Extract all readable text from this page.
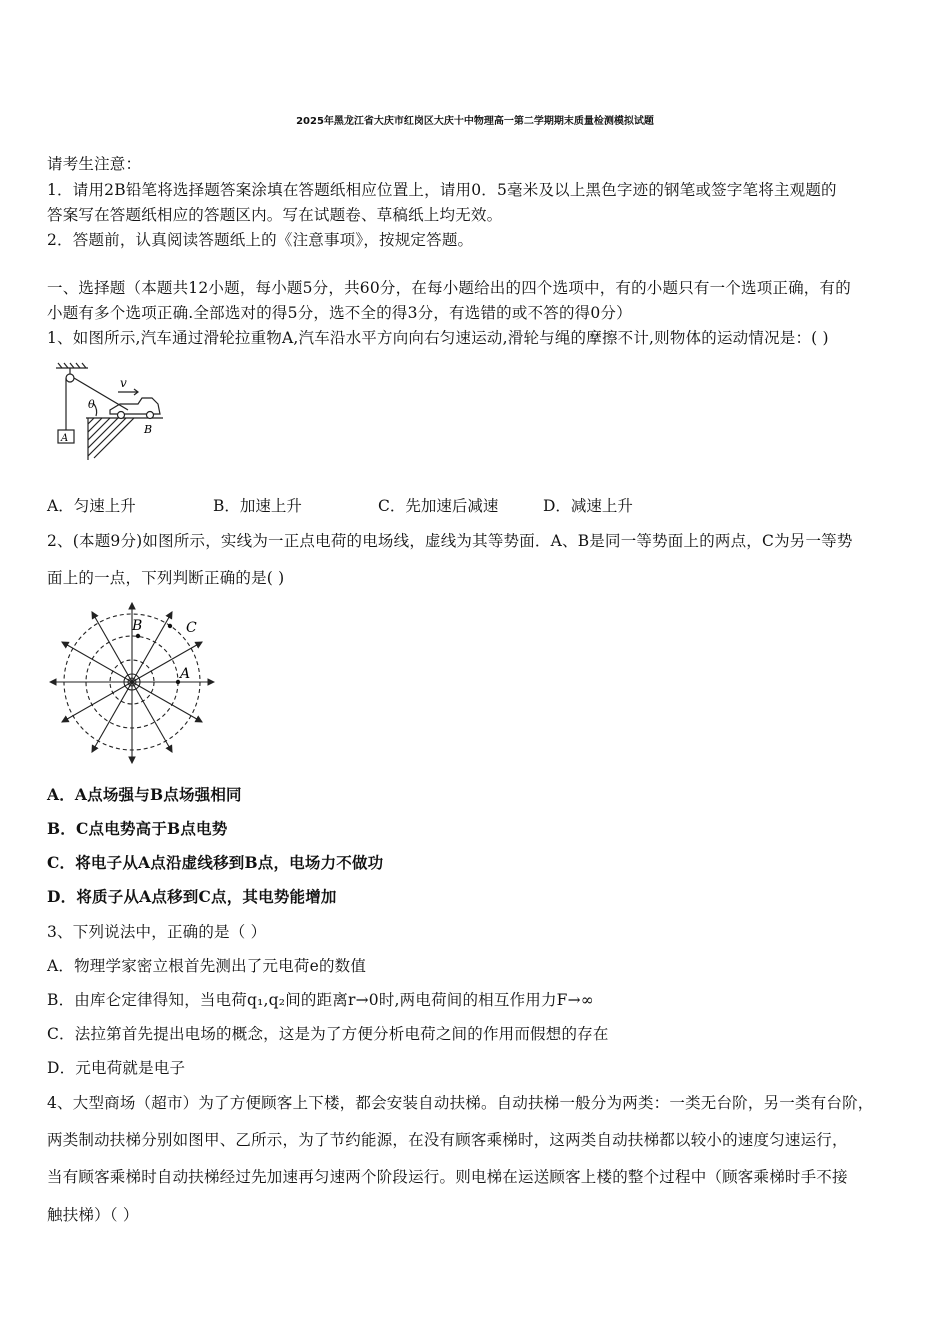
2025年黑龙江省大庆市红岗区大庆十中物理高一第二学期期末质量检测模拟试题
请考生注意：
1．请用2B铅笔将选择题答案涂填在答题纸相应位置上，请用0．5毫米及以上黑色字迹的钢笔或签字笔将主观题的
答案写在答题纸相应的答题区内。写在试题卷、草稿纸上均无效。
2．答题前，认真阅读答题纸上的《注意事项》，按规定答题。
一、选择题（本题共12小题，每小题5分，共60分，在每小题给出的四个选项中，有的小题只有一个选项正确，有的
小题有多个选项正确.全部选对的得5分，选不全的得3分，有选错的或不答的得0分）
1、如图所示,汽车通过滑轮拉重物A,汽车沿水平方向向右匀速运动,滑轮与绳的摩擦不计,则物体的运动情况是：( )
v
θ
A
B
A．匀速上升	B．加速上升	C．先加速后减速	D．减速上升
2、(本题9分)如图所示，实线为一正点电荷的电场线，虚线为其等势面．A、B是同一等势面上的两点，C为另一等势
面上的一点，下列判断正确的是( )
B
A
C
A．A点场强与B点场强相同
B．C点电势高于B点电势
C．将电子从A点沿虚线移到B点，电场力不做功
D．将质子从A点移到C点，其电势能增加
3、下列说法中，正确的是（ ）
A．物理学家密立根首先测出了元电荷e的数值
B．由库仑定律得知，当电荷q₁,q₂间的距离r→0时,两电荷间的相互作用力F→∞
C．法拉第首先提出电场的概念，这是为了方便分析电荷之间的作用而假想的存在
D．元电荷就是电子
4、大型商场（超市）为了方便顾客上下楼，都会安装自动扶梯。自动扶梯一般分为两类：一类无台阶，另一类有台阶，
两类制动扶梯分别如图甲、乙所示，为了节约能源，在没有顾客乘梯时，这两类自动扶梯都以较小的速度匀速运行，
当有顾客乘梯时自动扶梯经过先加速再匀速两个阶段运行。则电梯在运送顾客上楼的整个过程中（顾客乘梯时手不接
触扶梯）（ ）
